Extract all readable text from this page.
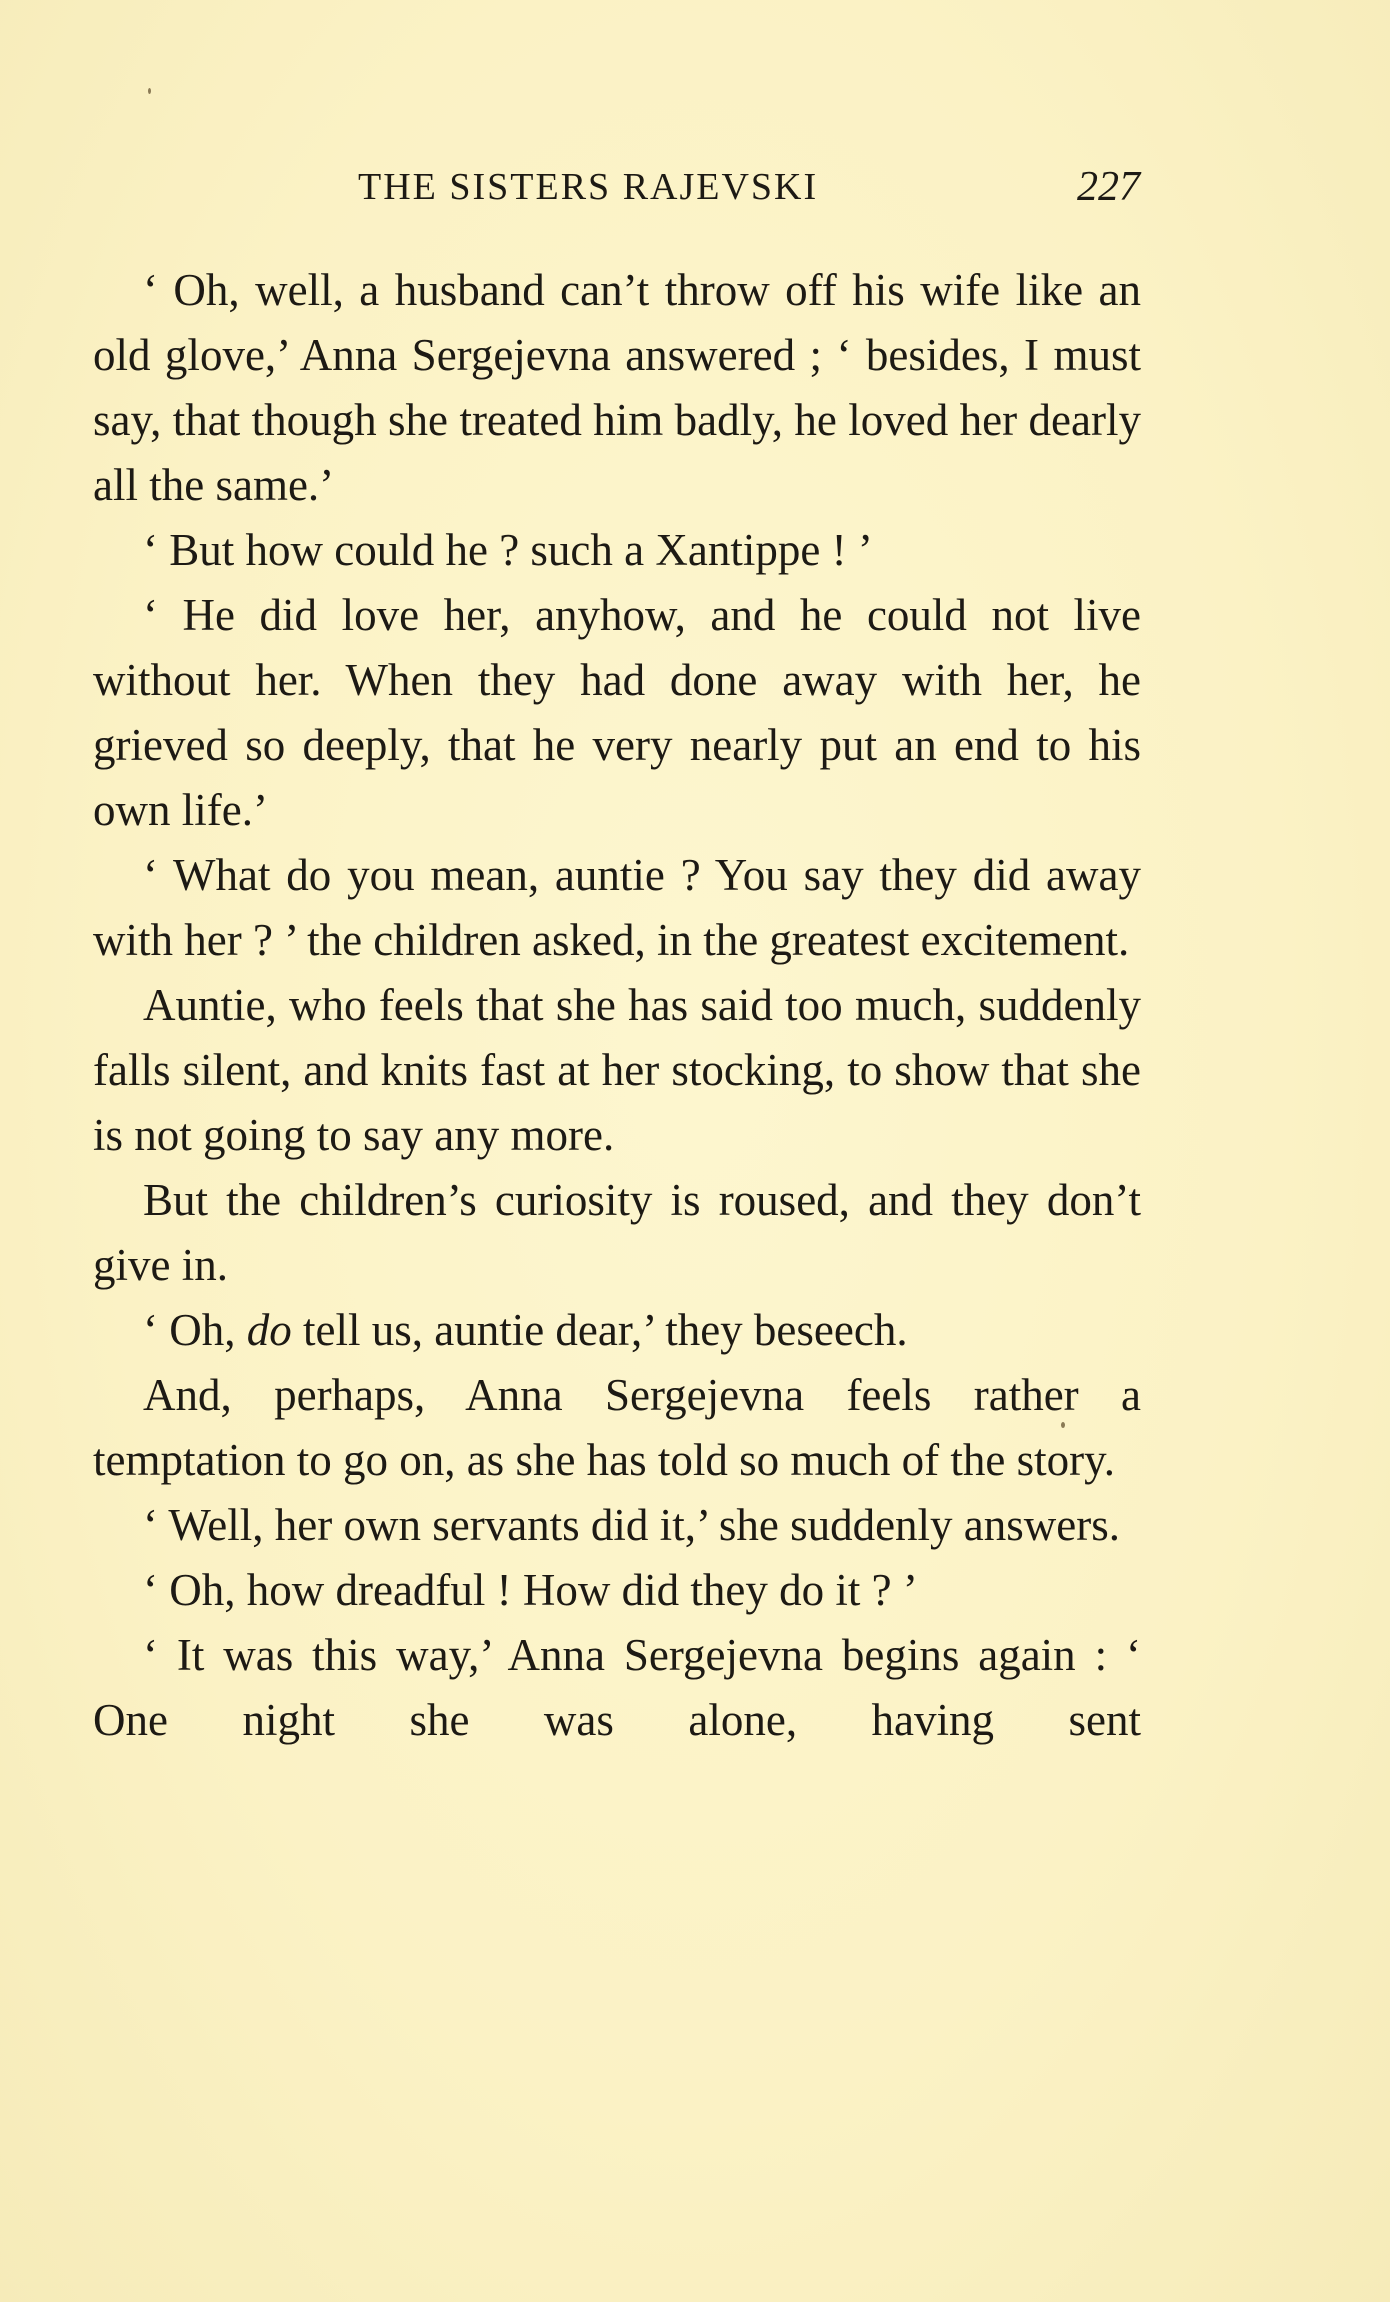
THE SISTERS RAJEVSKI	227

‘ Oh, well, a husband can’t throw off his wife like an old glove,’ Anna Sergejevna answered ; ‘ besides, I must say, that though she treated him badly, he loved her dearly all the same.’

‘ But how could he ? such a Xantippe ! ’

‘ He did love her, anyhow, and he could not live without her. When they had done away with her, he grieved so deeply, that he very nearly put an end to his own life.’

‘ What do you mean, auntie ? You say they did away with her ? ’ the children asked, in the greatest excitement.

Auntie, who feels that she has said too much, suddenly falls silent, and knits fast at her stocking, to show that she is not going to say any more.

But the children’s curiosity is roused, and they don’t give in.

‘ Oh, do tell us, auntie dear,’ they beseech.

And, perhaps, Anna Sergejevna feels rather a temptation to go on, as she has told so much of the story.

‘ Well, her own servants did it,’ she suddenly answers.

‘ Oh, how dreadful ! How did they do it ? ’

‘ It was this way,’ Anna Sergejevna begins again : ‘ One night she was alone, having sent
